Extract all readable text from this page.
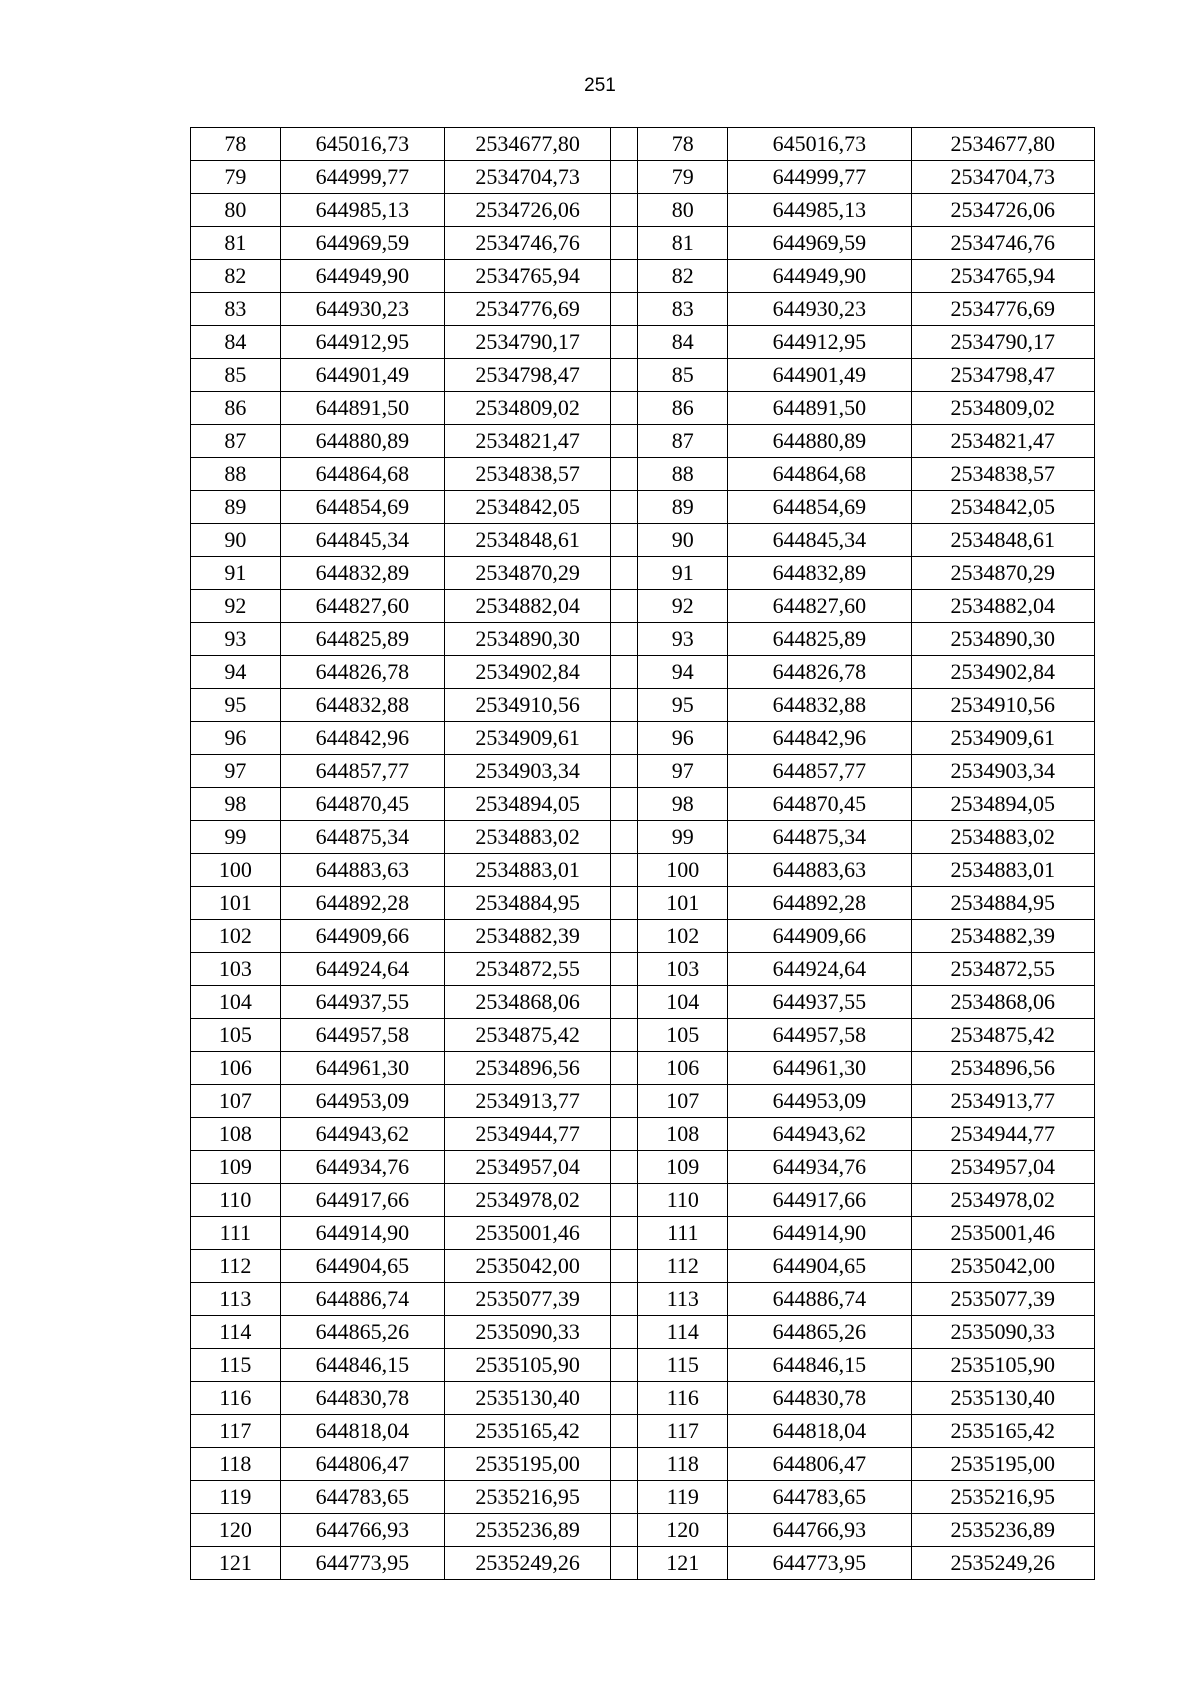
251
78	645016,73	2534677,80		78	645016,73	2534677,80
79	644999,77	2534704,73		79	644999,77	2534704,73
80	644985,13	2534726,06		80	644985,13	2534726,06
81	644969,59	2534746,76		81	644969,59	2534746,76
82	644949,90	2534765,94		82	644949,90	2534765,94
83	644930,23	2534776,69		83	644930,23	2534776,69
84	644912,95	2534790,17		84	644912,95	2534790,17
85	644901,49	2534798,47		85	644901,49	2534798,47
86	644891,50	2534809,02		86	644891,50	2534809,02
87	644880,89	2534821,47		87	644880,89	2534821,47
88	644864,68	2534838,57		88	644864,68	2534838,57
89	644854,69	2534842,05		89	644854,69	2534842,05
90	644845,34	2534848,61		90	644845,34	2534848,61
91	644832,89	2534870,29		91	644832,89	2534870,29
92	644827,60	2534882,04		92	644827,60	2534882,04
93	644825,89	2534890,30		93	644825,89	2534890,30
94	644826,78	2534902,84		94	644826,78	2534902,84
95	644832,88	2534910,56		95	644832,88	2534910,56
96	644842,96	2534909,61		96	644842,96	2534909,61
97	644857,77	2534903,34		97	644857,77	2534903,34
98	644870,45	2534894,05		98	644870,45	2534894,05
99	644875,34	2534883,02		99	644875,34	2534883,02
100	644883,63	2534883,01		100	644883,63	2534883,01
101	644892,28	2534884,95		101	644892,28	2534884,95
102	644909,66	2534882,39		102	644909,66	2534882,39
103	644924,64	2534872,55		103	644924,64	2534872,55
104	644937,55	2534868,06		104	644937,55	2534868,06
105	644957,58	2534875,42		105	644957,58	2534875,42
106	644961,30	2534896,56		106	644961,30	2534896,56
107	644953,09	2534913,77		107	644953,09	2534913,77
108	644943,62	2534944,77		108	644943,62	2534944,77
109	644934,76	2534957,04		109	644934,76	2534957,04
110	644917,66	2534978,02		110	644917,66	2534978,02
111	644914,90	2535001,46		111	644914,90	2535001,46
112	644904,65	2535042,00		112	644904,65	2535042,00
113	644886,74	2535077,39		113	644886,74	2535077,39
114	644865,26	2535090,33		114	644865,26	2535090,33
115	644846,15	2535105,90		115	644846,15	2535105,90
116	644830,78	2535130,40		116	644830,78	2535130,40
117	644818,04	2535165,42		117	644818,04	2535165,42
118	644806,47	2535195,00		118	644806,47	2535195,00
119	644783,65	2535216,95		119	644783,65	2535216,95
120	644766,93	2535236,89		120	644766,93	2535236,89
121	644773,95	2535249,26		121	644773,95	2535249,26
